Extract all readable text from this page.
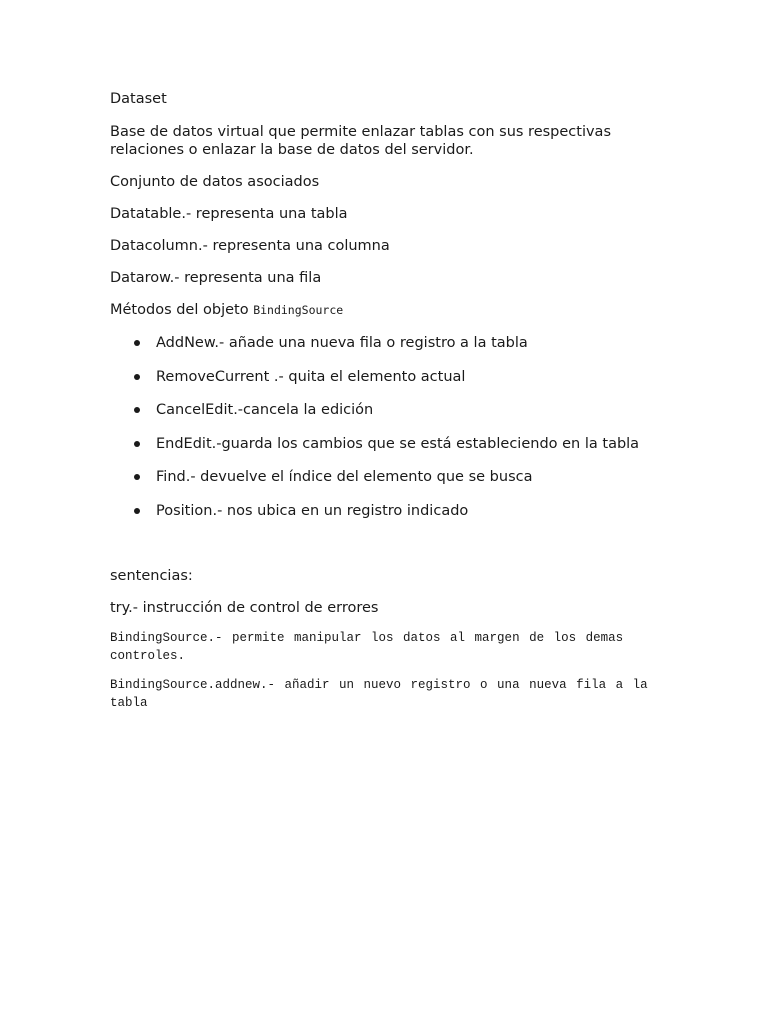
Dataset

Base de datos virtual que permite enlazar tablas con sus respectivas

relaciones o enlazar la base de datos del servidor.

Conjunto de datos asociados

Datatable.- representa una tabla

Datacolumn.- representa una columna

Datarow.- representa una fila

Métodos del objeto BindingSource

AddNew.- añade una nueva fila o registro a la tabla
RemoveCurrent .- quita el elemento actual
CancelEdit.-cancela la edición
EndEdit.-guarda los cambios que se está estableciendo en la tabla
Find.- devuelve el índice del elemento que se busca
Position.- nos ubica en un registro indicado

sentencias:

try.- instrucción de control de errores

BindingSource.- permite manipular los datos al margen de los demas controles.

BindingSource.addnew.- añadir un nuevo registro o una nueva fila a la tabla
